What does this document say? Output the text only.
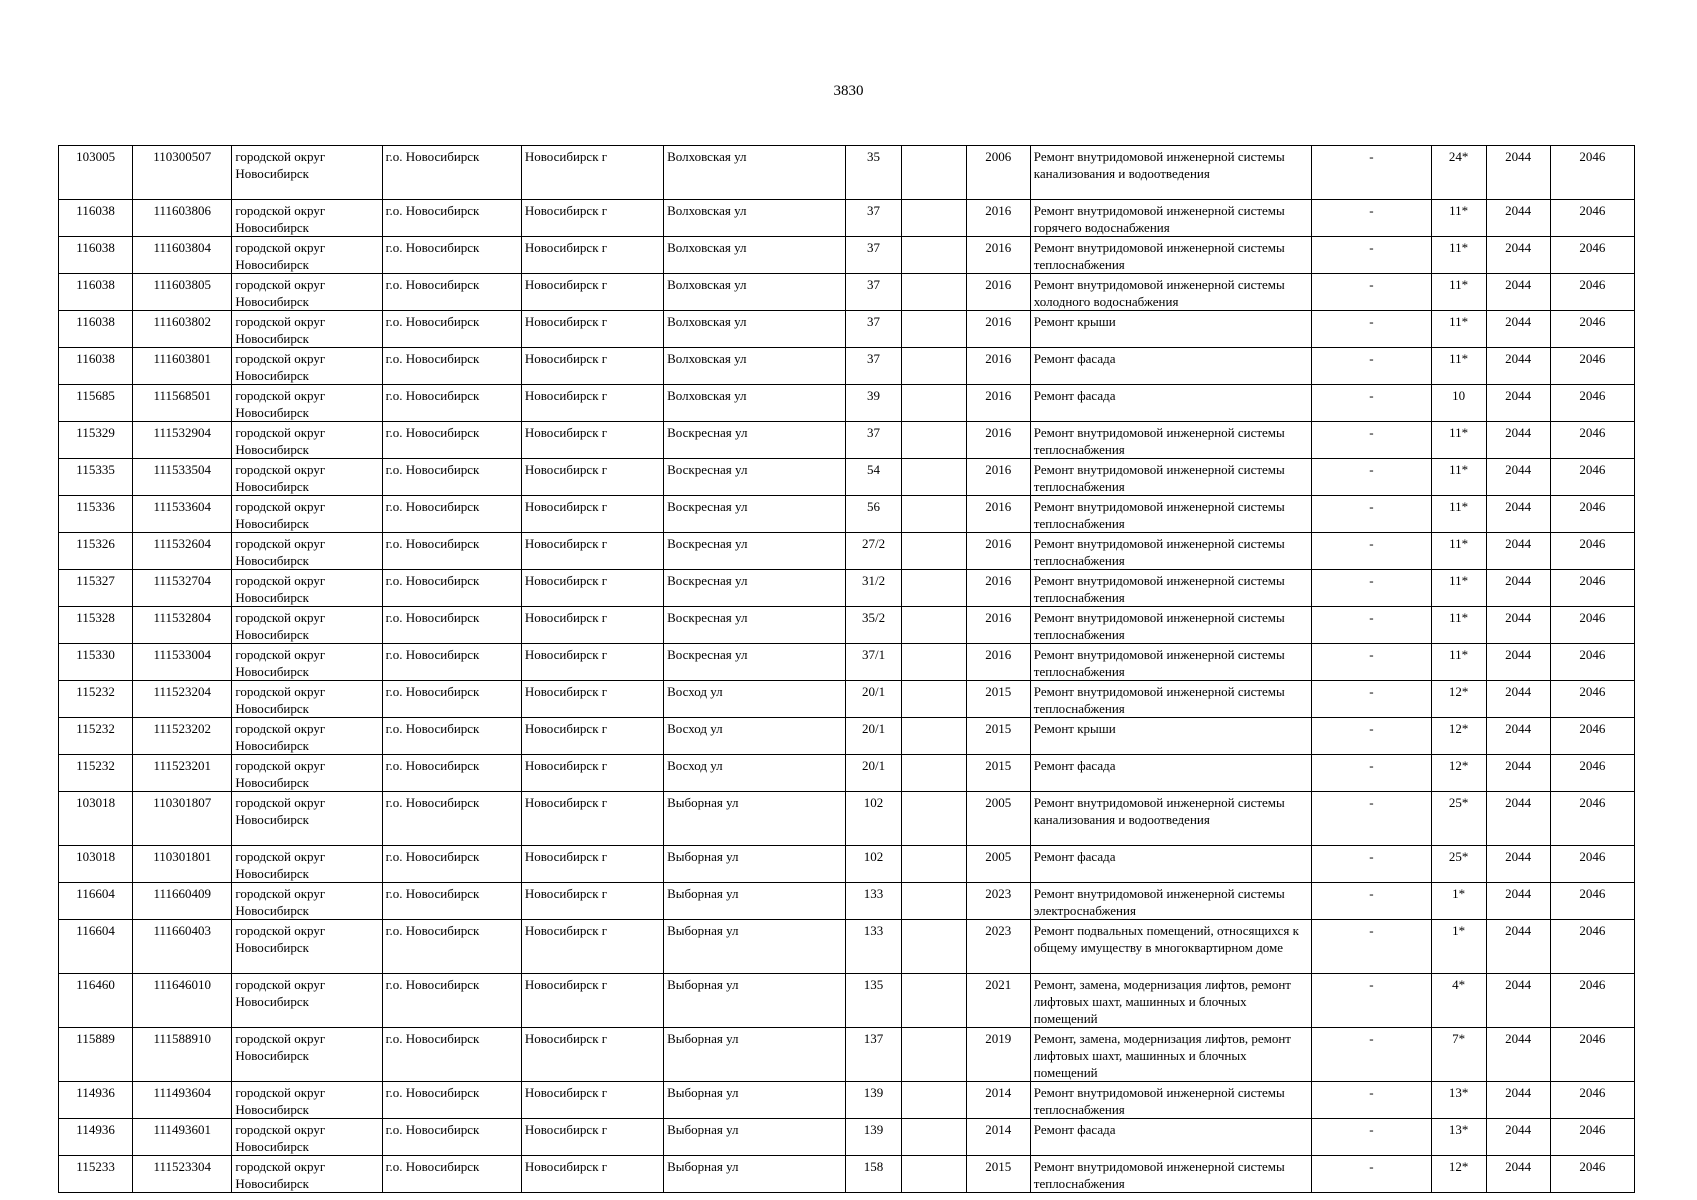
3830
103005	110300507	городской округ Новосибирск	г.о. Новосибирск	Новосибирск г	Волховская ул	35		2006	Ремонт внутридомовой инженерной системы канализования и водоотведения	-	24*	2044	2046
116038	111603806	городской округ Новосибирск	г.о. Новосибирск	Новосибирск г	Волховская ул	37		2016	Ремонт внутридомовой инженерной системы горячего водоснабжения	-	11*	2044	2046
116038	111603804	городской округ Новосибирск	г.о. Новосибирск	Новосибирск г	Волховская ул	37		2016	Ремонт внутридомовой инженерной системы теплоснабжения	-	11*	2044	2046
116038	111603805	городской округ Новосибирск	г.о. Новосибирск	Новосибирск г	Волховская ул	37		2016	Ремонт внутридомовой инженерной системы холодного водоснабжения	-	11*	2044	2046
116038	111603802	городской округ Новосибирск	г.о. Новосибирск	Новосибирск г	Волховская ул	37		2016	Ремонт крыши	-	11*	2044	2046
116038	111603801	городской округ Новосибирск	г.о. Новосибирск	Новосибирск г	Волховская ул	37		2016	Ремонт фасада	-	11*	2044	2046
115685	111568501	городской округ Новосибирск	г.о. Новосибирск	Новосибирск г	Волховская ул	39		2016	Ремонт фасада	-	10	2044	2046
115329	111532904	городской округ Новосибирск	г.о. Новосибирск	Новосибирск г	Воскресная ул	37		2016	Ремонт внутридомовой инженерной системы теплоснабжения	-	11*	2044	2046
115335	111533504	городской округ Новосибирск	г.о. Новосибирск	Новосибирск г	Воскресная ул	54		2016	Ремонт внутридомовой инженерной системы теплоснабжения	-	11*	2044	2046
115336	111533604	городской округ Новосибирск	г.о. Новосибирск	Новосибирск г	Воскресная ул	56		2016	Ремонт внутридомовой инженерной системы теплоснабжения	-	11*	2044	2046
115326	111532604	городской округ Новосибирск	г.о. Новосибирск	Новосибирск г	Воскресная ул	27/2		2016	Ремонт внутридомовой инженерной системы теплоснабжения	-	11*	2044	2046
115327	111532704	городской округ Новосибирск	г.о. Новосибирск	Новосибирск г	Воскресная ул	31/2		2016	Ремонт внутридомовой инженерной системы теплоснабжения	-	11*	2044	2046
115328	111532804	городской округ Новосибирск	г.о. Новосибирск	Новосибирск г	Воскресная ул	35/2		2016	Ремонт внутридомовой инженерной системы теплоснабжения	-	11*	2044	2046
115330	111533004	городской округ Новосибирск	г.о. Новосибирск	Новосибирск г	Воскресная ул	37/1		2016	Ремонт внутридомовой инженерной системы теплоснабжения	-	11*	2044	2046
115232	111523204	городской округ Новосибирск	г.о. Новосибирск	Новосибирск г	Восход ул	20/1		2015	Ремонт внутридомовой инженерной системы теплоснабжения	-	12*	2044	2046
115232	111523202	городской округ Новосибирск	г.о. Новосибирск	Новосибирск г	Восход ул	20/1		2015	Ремонт крыши	-	12*	2044	2046
115232	111523201	городской округ Новосибирск	г.о. Новосибирск	Новосибирск г	Восход ул	20/1		2015	Ремонт фасада	-	12*	2044	2046
103018	110301807	городской округ Новосибирск	г.о. Новосибирск	Новосибирск г	Выборная ул	102		2005	Ремонт внутридомовой инженерной системы канализования и водоотведения	-	25*	2044	2046
103018	110301801	городской округ Новосибирск	г.о. Новосибирск	Новосибирск г	Выборная ул	102		2005	Ремонт фасада	-	25*	2044	2046
116604	111660409	городской округ Новосибирск	г.о. Новосибирск	Новосибирск г	Выборная ул	133		2023	Ремонт внутридомовой инженерной системы электроснабжения	-	1*	2044	2046
116604	111660403	городской округ Новосибирск	г.о. Новосибирск	Новосибирск г	Выборная ул	133		2023	Ремонт подвальных помещений, относящихся к общему имуществу в многоквартирном доме	-	1*	2044	2046
116460	111646010	городской округ Новосибирск	г.о. Новосибирск	Новосибирск г	Выборная ул	135		2021	Ремонт, замена, модернизация лифтов, ремонт лифтовых шахт, машинных и блочных помещений	-	4*	2044	2046
115889	111588910	городской округ Новосибирск	г.о. Новосибирск	Новосибирск г	Выборная ул	137		2019	Ремонт, замена, модернизация лифтов, ремонт лифтовых шахт, машинных и блочных помещений	-	7*	2044	2046
114936	111493604	городской округ Новосибирск	г.о. Новосибирск	Новосибирск г	Выборная ул	139		2014	Ремонт внутридомовой инженерной системы теплоснабжения	-	13*	2044	2046
114936	111493601	городской округ Новосибирск	г.о. Новосибирск	Новосибирск г	Выборная ул	139		2014	Ремонт фасада	-	13*	2044	2046
115233	111523304	городской округ Новосибирск	г.о. Новосибирск	Новосибирск г	Выборная ул	158		2015	Ремонт внутридомовой инженерной системы теплоснабжения	-	12*	2044	2046
